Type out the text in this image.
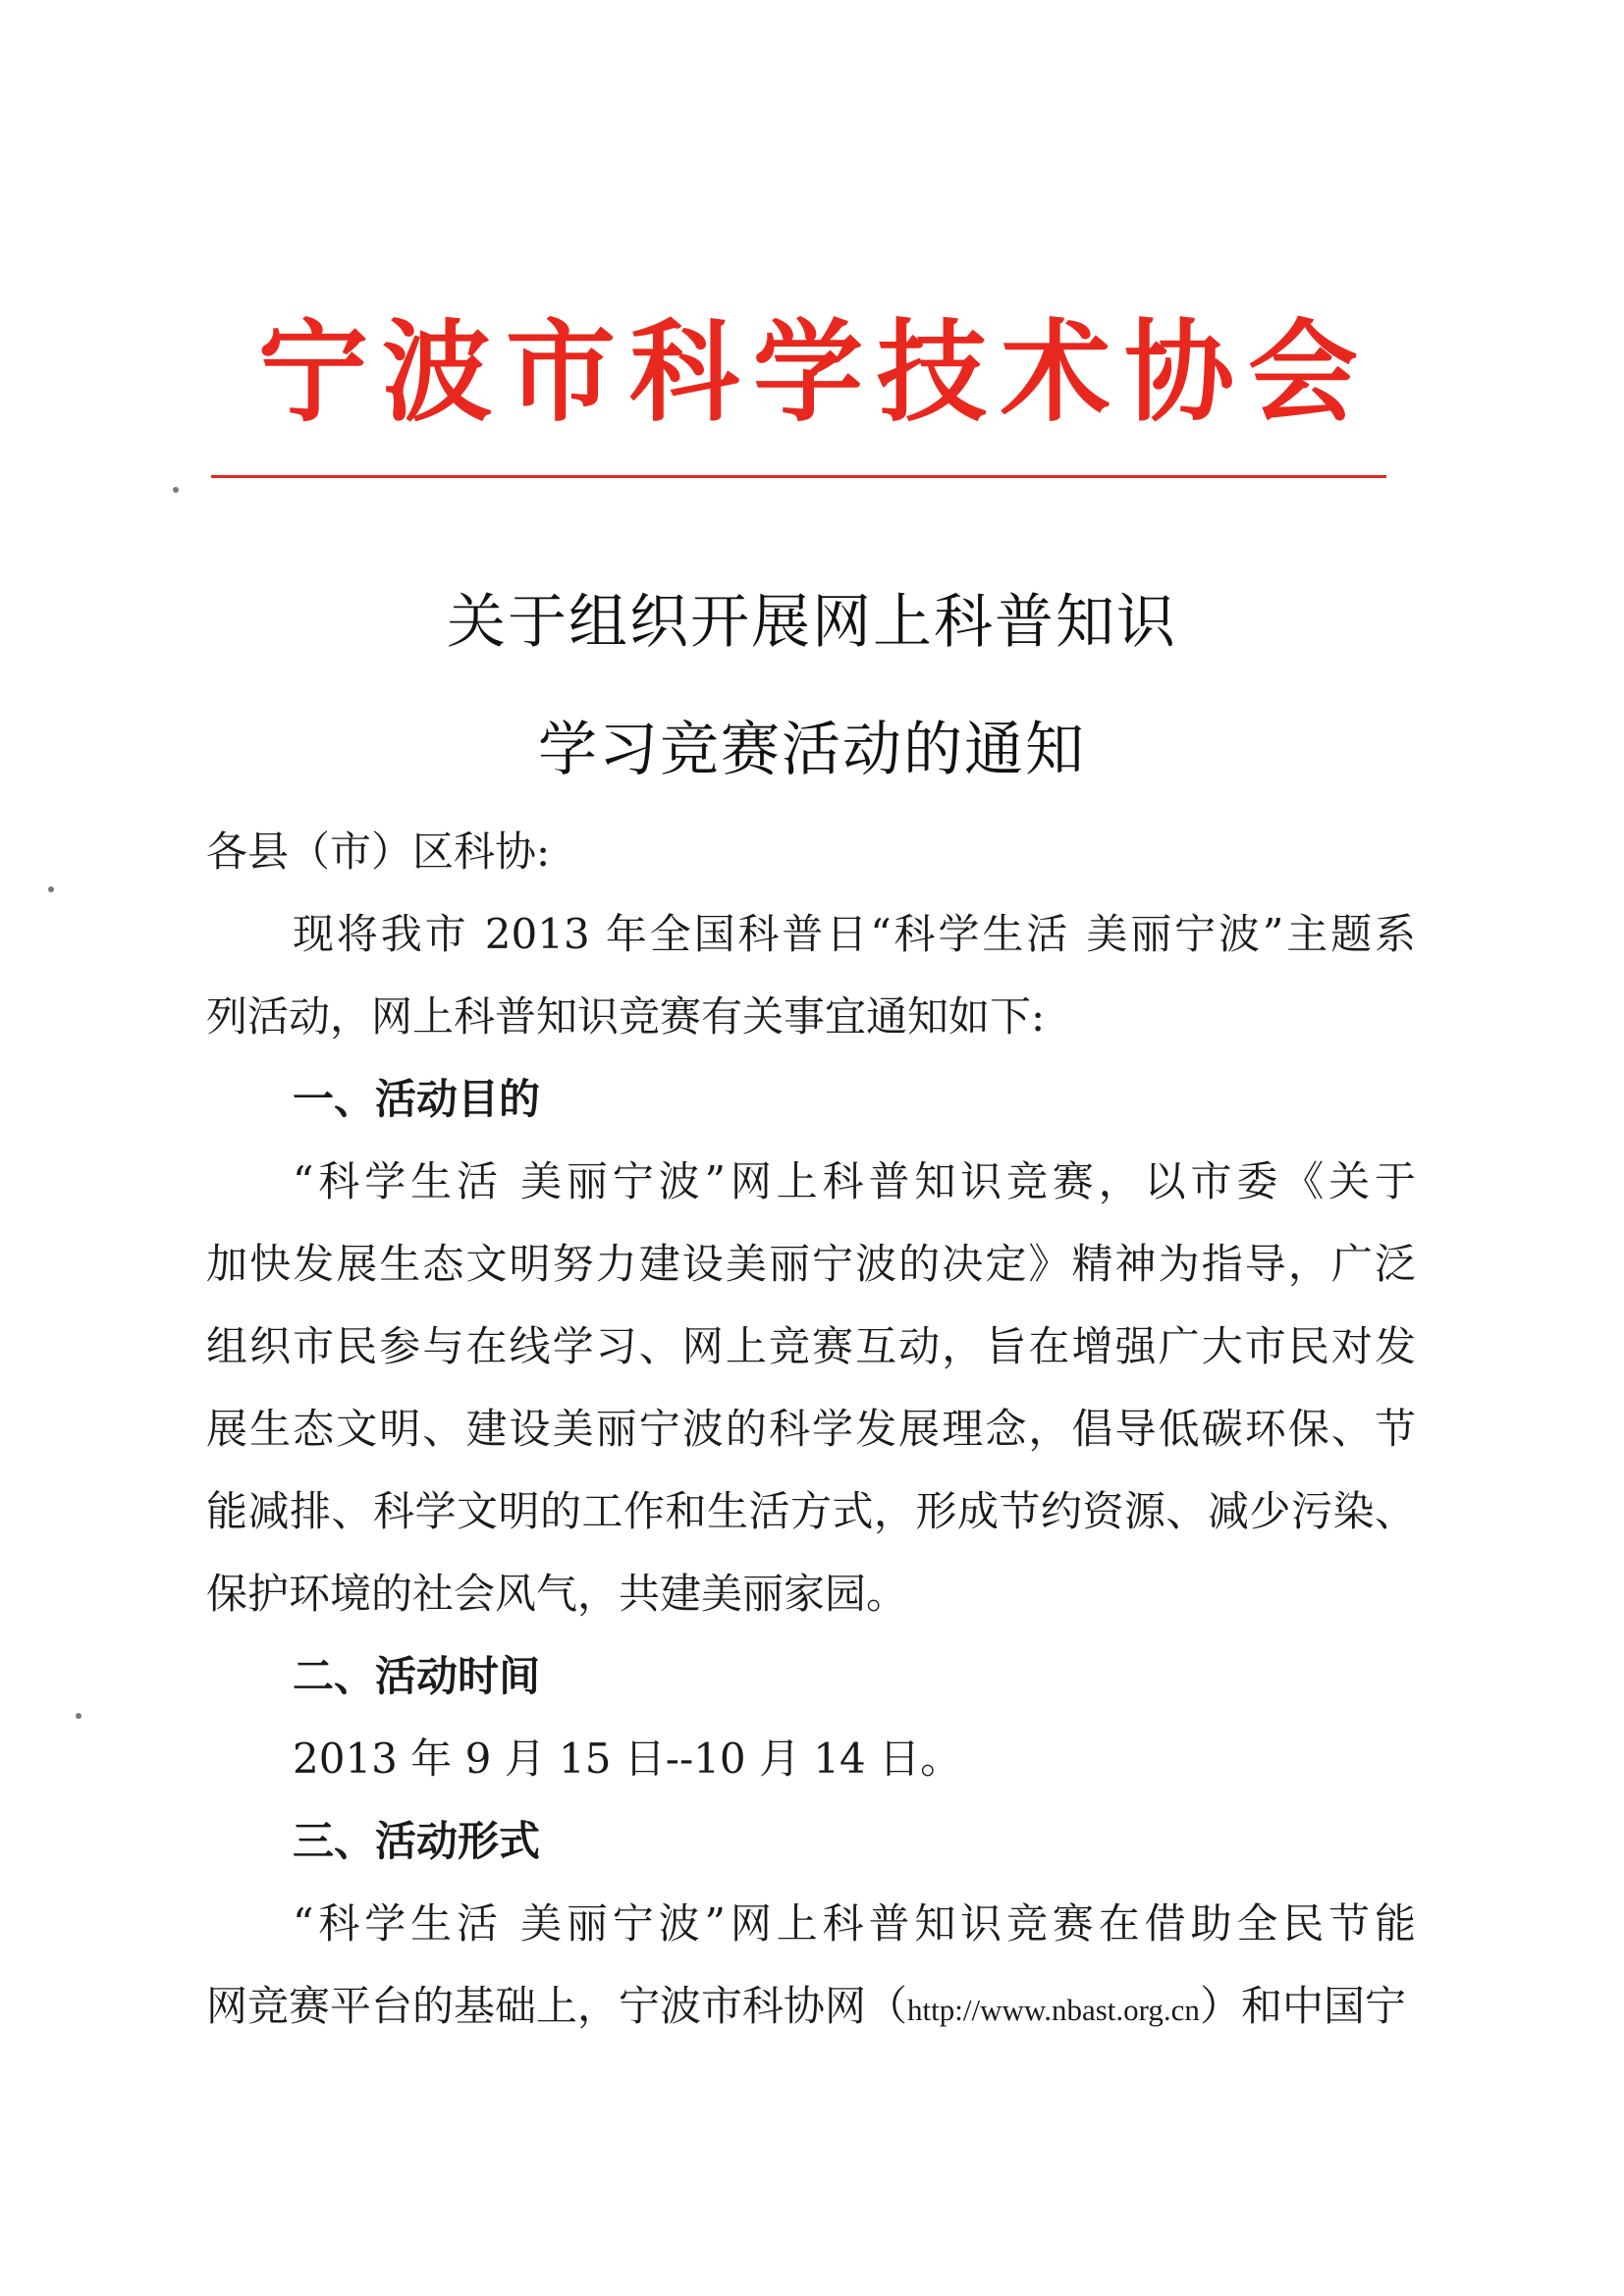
宁波市科学技术协会
关于组织开展网上科普知识
学习竞赛活动的通知
各县（市）区科协:
现将我市 2013 年全国科普日“科学生活 美丽宁波”主题系
列活动，网上科普知识竞赛有关事宜通知如下:
一、活动目的
“科学生活 美丽宁波”网上科普知识竞赛，以市委《关于
加快发展生态文明努力建设美丽宁波的决定》精神为指导，广泛
组织市民参与在线学习、网上竞赛互动，旨在增强广大市民对发
展生态文明、建设美丽宁波的科学发展理念，倡导低碳环保、节
能减排、科学文明的工作和生活方式，形成节约资源、减少污染、
保护环境的社会风气，共建美丽家园。
二、活动时间
2013 年 9 月 15 日--10 月 14 日。
三、活动形式
“科学生活 美丽宁波”网上科普知识竞赛在借助全民节能
网竞赛平台的基础上，宁波市科协网（http://www.nbast.org.cn）和中国宁
